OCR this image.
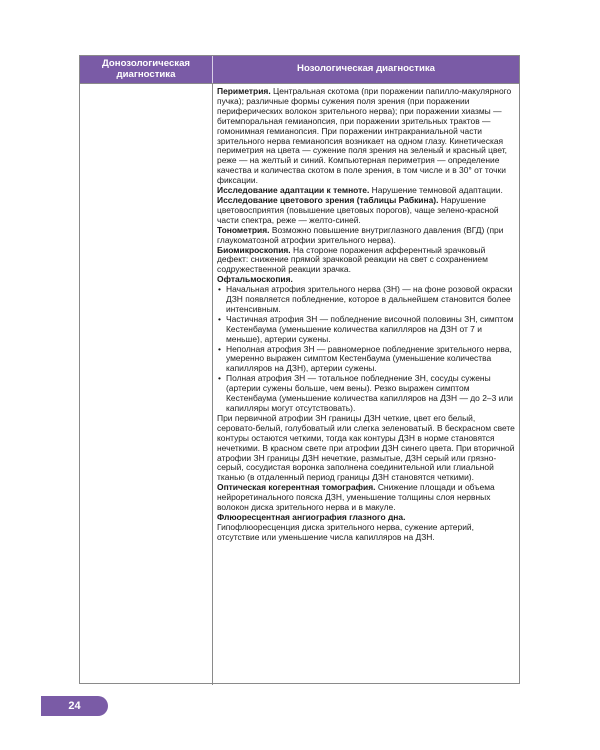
Донозологическая диагностика	Нозологическая диагностика

Периметрия. Центральная скотома (при поражении папилло-макулярного пучка); различные формы сужения поля зрения (при поражении периферических волокон зрительного нерва); при поражении хиазмы — битемпоральная гемианопсия, при поражении зрительных трактов — гомонимная гемианопсия. При поражении интракраниальной части зрительного нерва гемианопсия возникает на одном глазу. Кинетическая периметрия на цвета — сужение поля зрения на зеленый и красный цвет, реже — на желтый и синий. Компьютерная периметрия — определение качества и количества скотом в поле зрения, в том числе и в 30° от точки фиксации.

Исследование адаптации к темноте. Нарушение темновой адаптации.

Исследование цветового зрения (таблицы Рабкина). Нарушение цветовосприятия (повышение цветовых порогов), чаще зелено-красной части спектра, реже — желто-синей.

Тонометрия. Возможно повышение внутриглазного давления (ВГД) (при глаукоматозной атрофии зрительного нерва).

Биомикроскопия. На стороне поражения афферентный зрачковый дефект: снижение прямой зрачковой реакции на свет с сохранением содружественной реакции зрачка.

Офтальмоскопия.

• Начальная атрофия зрительного нерва (ЗН) — на фоне розовой окраски ДЗН появляется побледнение, которое в дальнейшем становится более интенсивным.
• Частичная атрофия ЗН — побледнение височной половины ЗН, симптом Кестенбаума (уменьшение количества капилляров на ДЗН от 7 и меньше), артерии сужены.
• Неполная атрофия ЗН — равномерное побледнение зрительного нерва, умеренно выражен симптом Кестенбаума (уменьшение количества капилляров на ДЗН), артерии сужены.
• Полная атрофия ЗН — тотальное побледнение ЗН, сосуды сужены (артерии сужены больше, чем вены). Резко выражен симптом Кестенбаума (уменьшение количества капилляров на ДЗН — до 2–3 или капилляры могут отсутствовать).

При первичной атрофии ЗН границы ДЗН четкие, цвет его белый, серовато-белый, голубоватый или слегка зеленоватый. В бескрасном свете контуры остаются четкими, тогда как контуры ДЗН в норме становятся нечеткими. В красном свете при атрофии ДЗН синего цвета. При вторичной атрофии ЗН границы ДЗН нечеткие, размытые, ДЗН серый или грязно-серый, сосудистая воронка заполнена соединительной или глиальной тканью (в отдаленный период границы ДЗН становятся четкими).

Оптическая когерентная томография. Снижение площади и объема нейроретинального пояска ДЗН, уменьшение толщины слоя нервных волокон диска зрительного нерва и в макуле.

Флюоресцентная ангиография глазного дна.

Гипофлюоресценция диска зрительного нерва, сужение артерий, отсутствие или уменьшение числа капилляров на ДЗН.

24
